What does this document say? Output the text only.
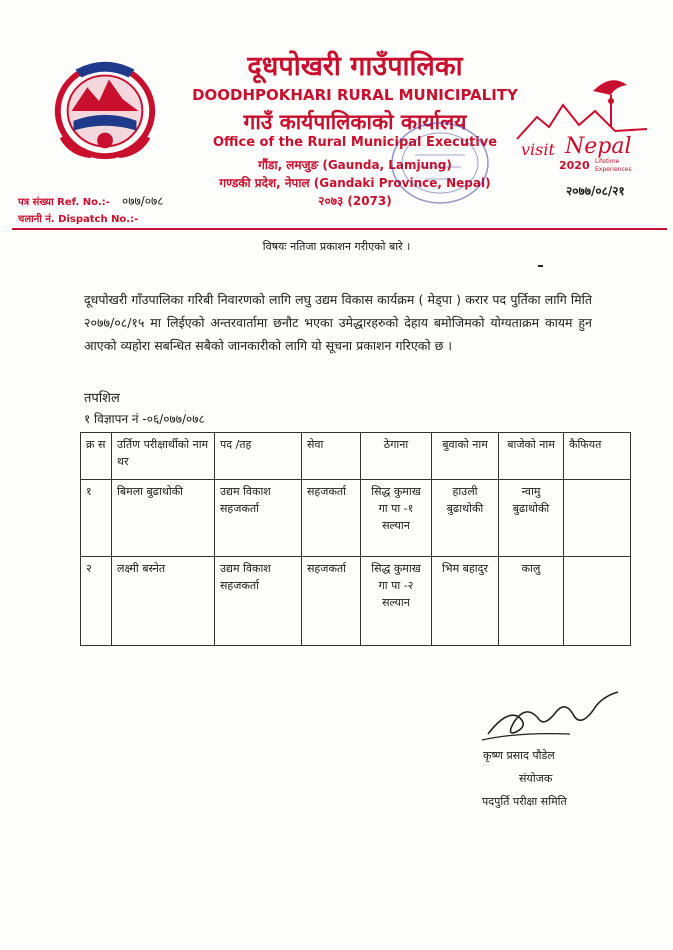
दूधपोखरी गाउँपालिका
DOODHPOKHARI RURAL MUNICIPALITY
गाउँ कार्यपालिकाको कार्यालय
Office of the Rural Municipal Executive
गौंडा, लमजुङ (Gaunda, Lamjung)
गण्डकी प्रदेश, नेपाल (Gandaki Province, Nepal)
२०७३ (2073)
visit Nepal
2020 Lifetime
Experiences
२०७७/०८/२१
पत्र संख्या Ref. No.:- ०७७/०७८
चलानी नं. Dispatch No.:-
विषयः नतिजा प्रकाशन गरीएको बारे ।
दूधपोखरी गाँउपालिका गरिबी निवारणको लागि लघु उद्यम विकास कार्यक्रम ( मेड्पा ) करार पद पुर्तिका लागि मिति २०७७/०८/१५ मा लिईएको अन्तरवार्तामा छनौट भएका उमेद्धारहरुको देहाय बमोजिमको योग्यताक्रम कायम हुन आएको व्यहोरा सबन्धित सबैको जानकारीको लागि यो सूचना प्रकाशन गरिएको छ ।
तपशिल
१ विज्ञापन नं -०६/०७७/०७८
क्र स	उर्तिण परीक्षार्थीको नाम थर	पद /तह	सेवा	ठेगाना	बुवाको नाम	बाजेको नाम	कैफियत
१	बिमला बुढाथोकी	उद्यम विकाश सहजकर्ता	सहजकर्ता	सिद्ध कुमाख गा पा -१ सल्यान	हाउली बुढाथोकी	न्वामु बुढाथोकी	
२	लक्ष्मी बस्नेत	उद्यम विकाश सहजकर्ता	सहजकर्ता	सिद्ध कुमाख गा पा -२ सल्यान	भिम बहादुर	कालु	
कृष्ण प्रसाद पौडेल
संयोजक
पदपुर्ति परीक्षा समिति
